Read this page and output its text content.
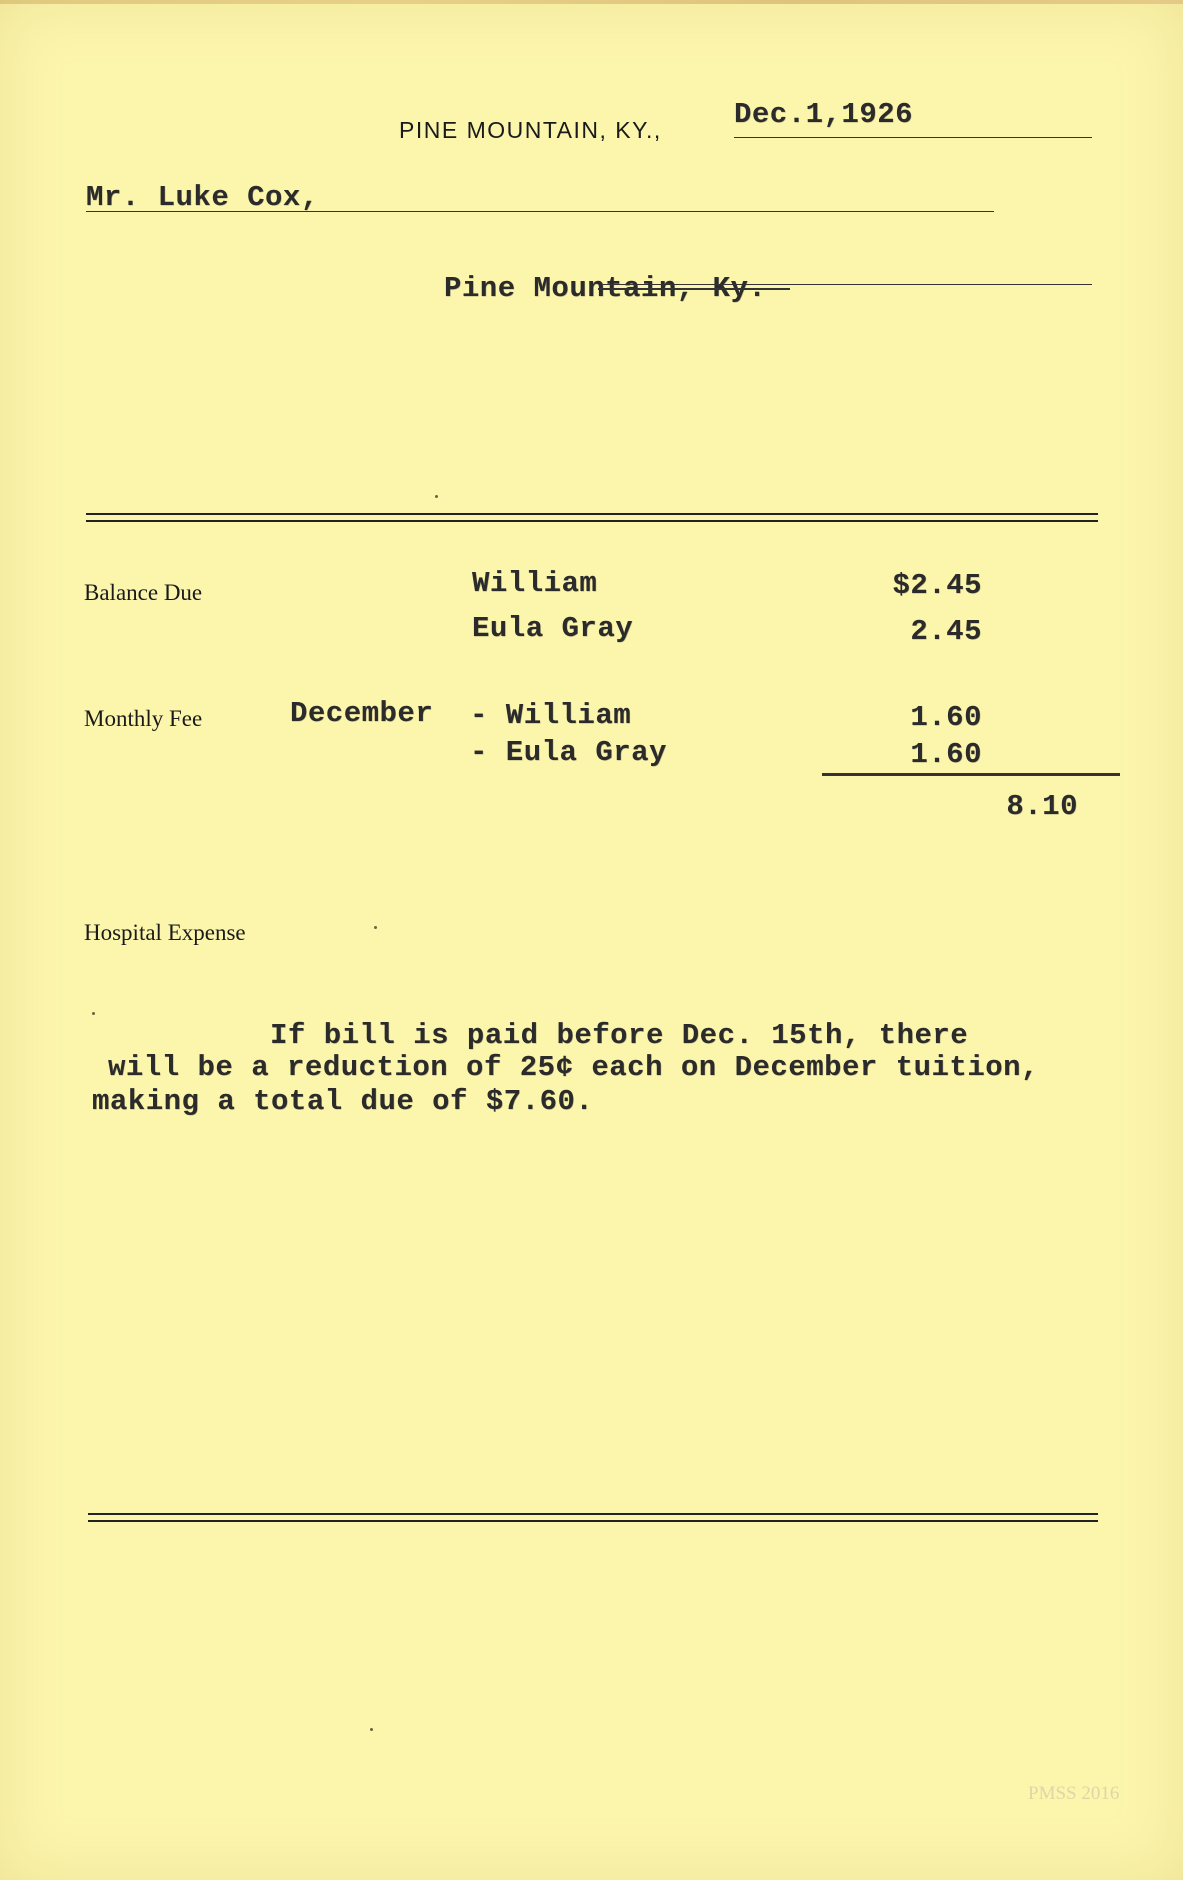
PINE MOUNTAIN, KY., Dec.1,1926
Mr. Luke Cox,
Pine Mountain, Ky.
Balance Due	William	$2.45
Eula Gray	2.45
Monthly Fee	December - William	1.60
- Eula Gray	1.60
8.10
Hospital Expense
If bill is paid before Dec. 15th, there
will be a reduction of 25¢ each on December tuition,
making a total due of $7.60.
PMSS 2016
